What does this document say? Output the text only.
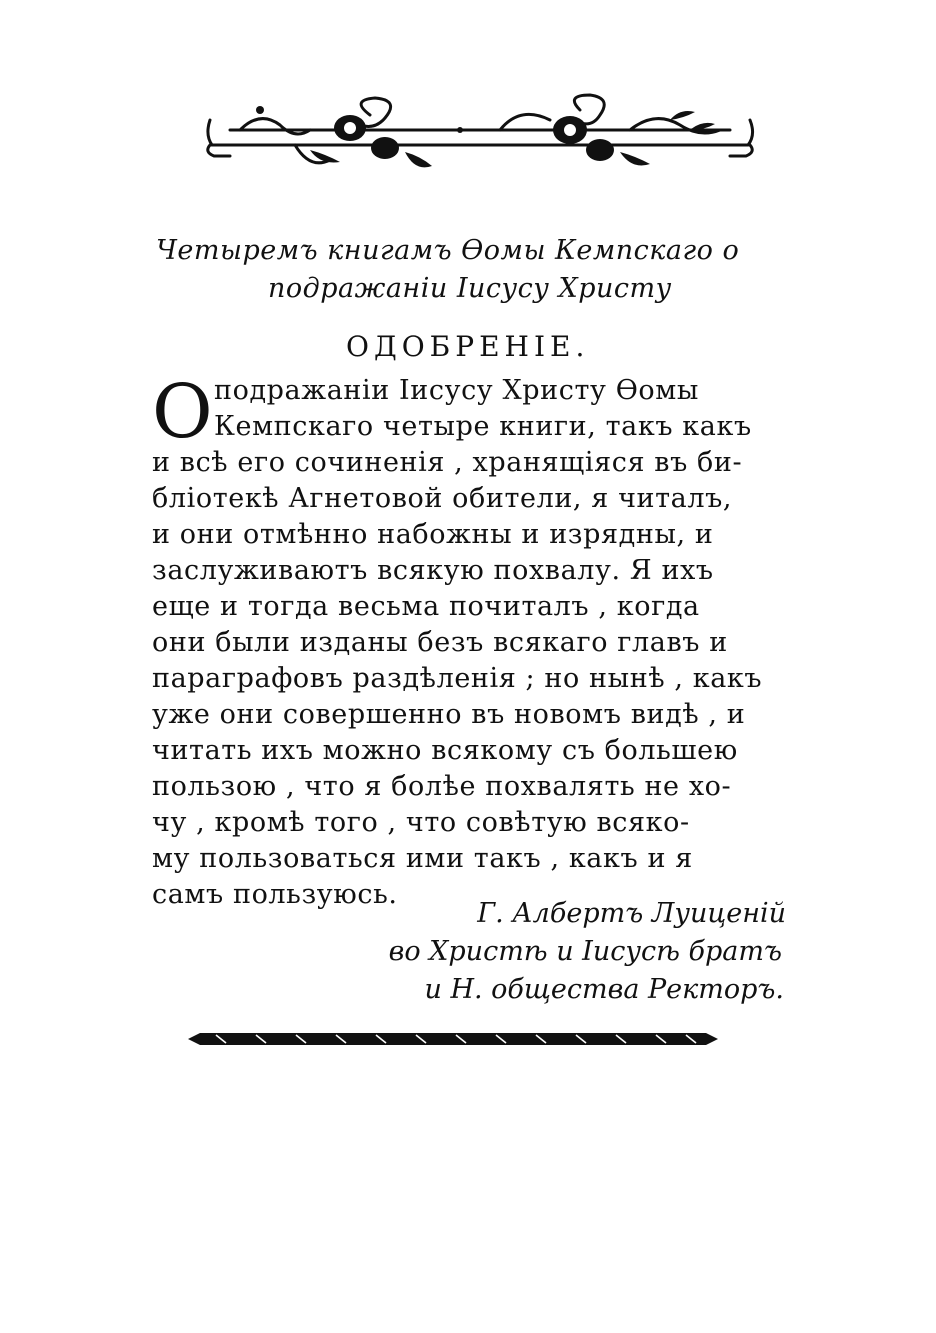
Четыремъ книгамъ Ѳомы Кемпскаго о
подражаніи Іисусу Христу
ОДОБРЕНІЕ.
О подражаніи Іисусу Христу Ѳомы
Кемпскаго четыре книги, такъ какъ
и всѣ его сочиненія , хранящіяся въ би-
бліотекѣ Агнетовой обители, я читалъ,
и они отмѣнно набожны и изрядны, и
заслуживаютъ всякую похвалу. Я ихъ
еще и тогда весьма почиталъ , когда
они были изданы безъ всякаго главъ и
параграфовъ раздѣленія ; но нынѣ , какъ
уже они совершенно въ новомъ видѣ , и
читать ихъ можно всякому съ большею
пользою , что я болѣе похвалять не хо-
чу , кромѣ того , что совѣтую всяко-
му пользоваться ими такъ , какъ и я
самъ пользуюсь.
Г. Албертъ Луиценій
во Христѣ и Іисусѣ братъ
и Н. общества Ректоръ.
